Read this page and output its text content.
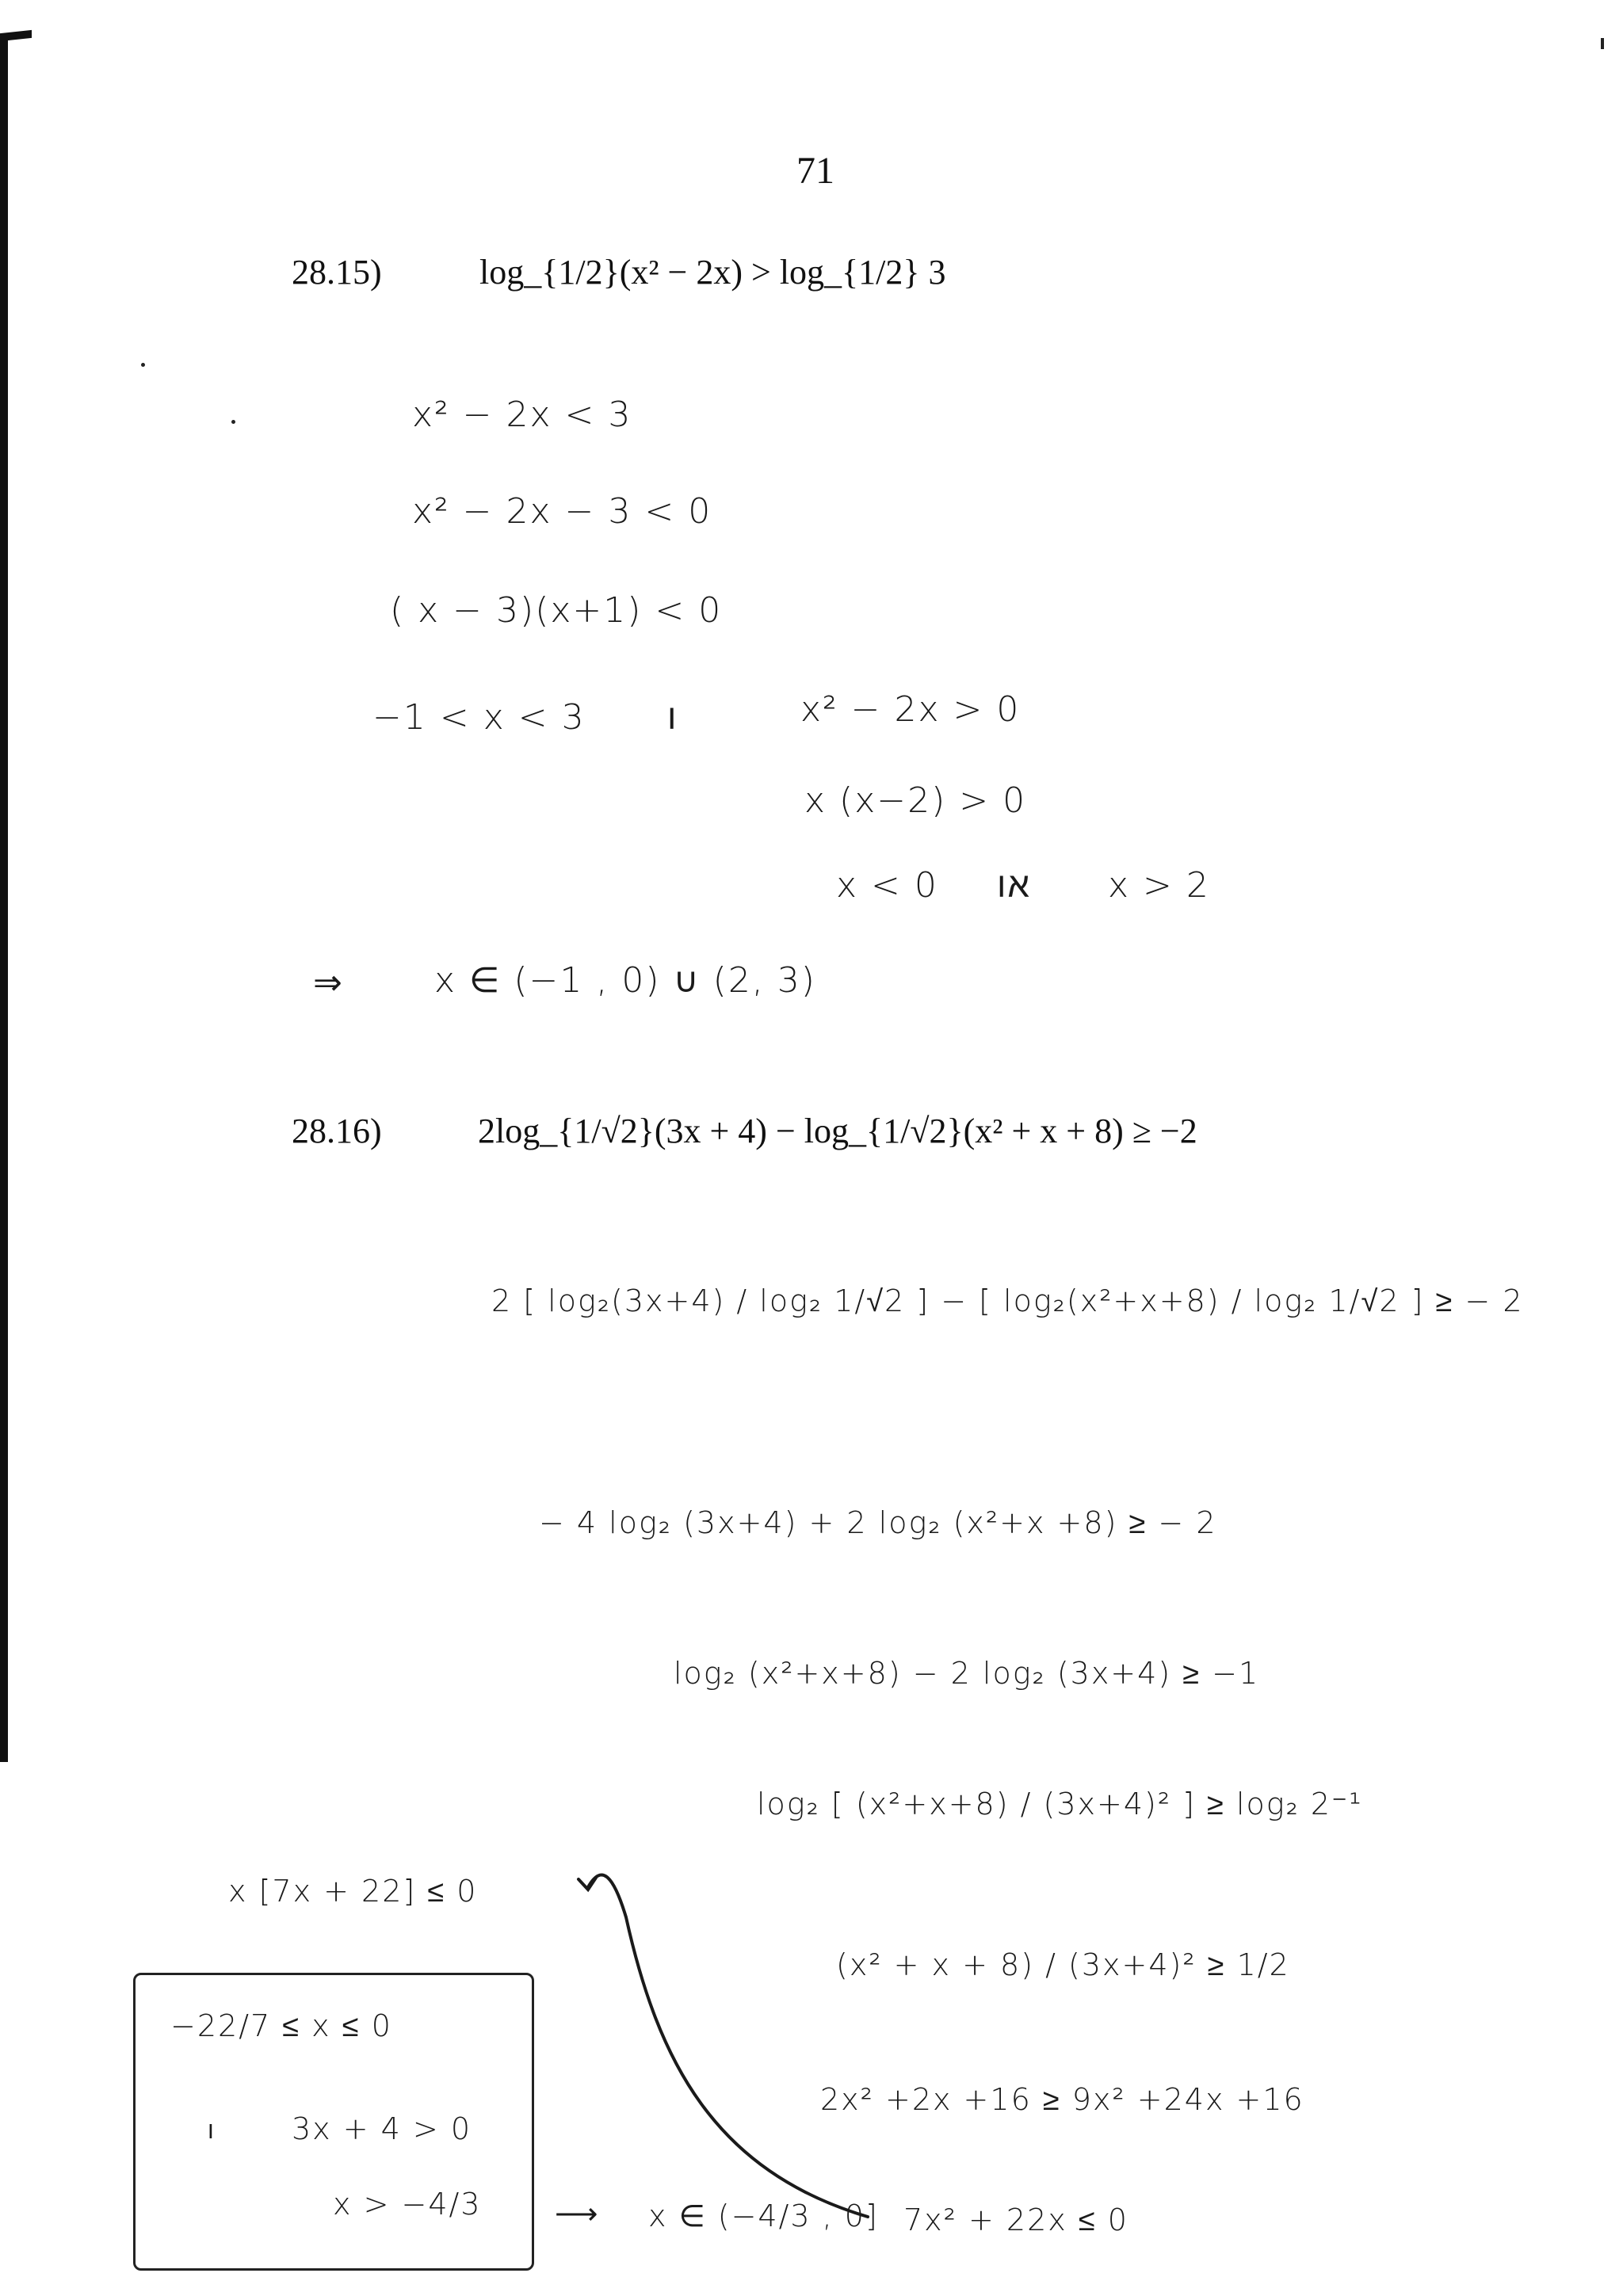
71
28.15)	log_{1/2}(x² − 2x) > log_{1/2} 3
x² − 2x < 3
x² − 2x − 3 < 0
( x − 3)(x+1) < 0
−1 < x < 3 ו	x² − 2x > 0
x (x−2) > 0
x < 0 או x > 2
⇒	x ∈ (−1 , 0) ∪ (2, 3)
28.16)	2log_{1/√2}(3x + 4) − log_{1/√2}(x² + x + 8) ≥ −2
2 [ log₂(3x+4) / log₂ 1/√2 ] − [ log₂(x²+x+8) / log₂ 1/√2 ] ≥ − 2
− 4 log₂ (3x+4) + 2 log₂ (x²+x +8) ≥ − 2
log₂ (x²+x+8) − 2 log₂ (3x+4) ≥ −1
log₂ [ (x²+x+8) / (3x+4)² ] ≥ log₂ 2⁻¹
(x² + x + 8) / (3x+4)² ≥ 1/2
2x² +2x +16 ≥ 9x² +24x +16
7x² + 22x ≤ 0
x [7x + 22] ≤ 0
−22/7 ≤ x ≤ 0
ו	3x + 4 > 0
x > −4/3 ⟶ x ∈ (−4/3 , 0]
